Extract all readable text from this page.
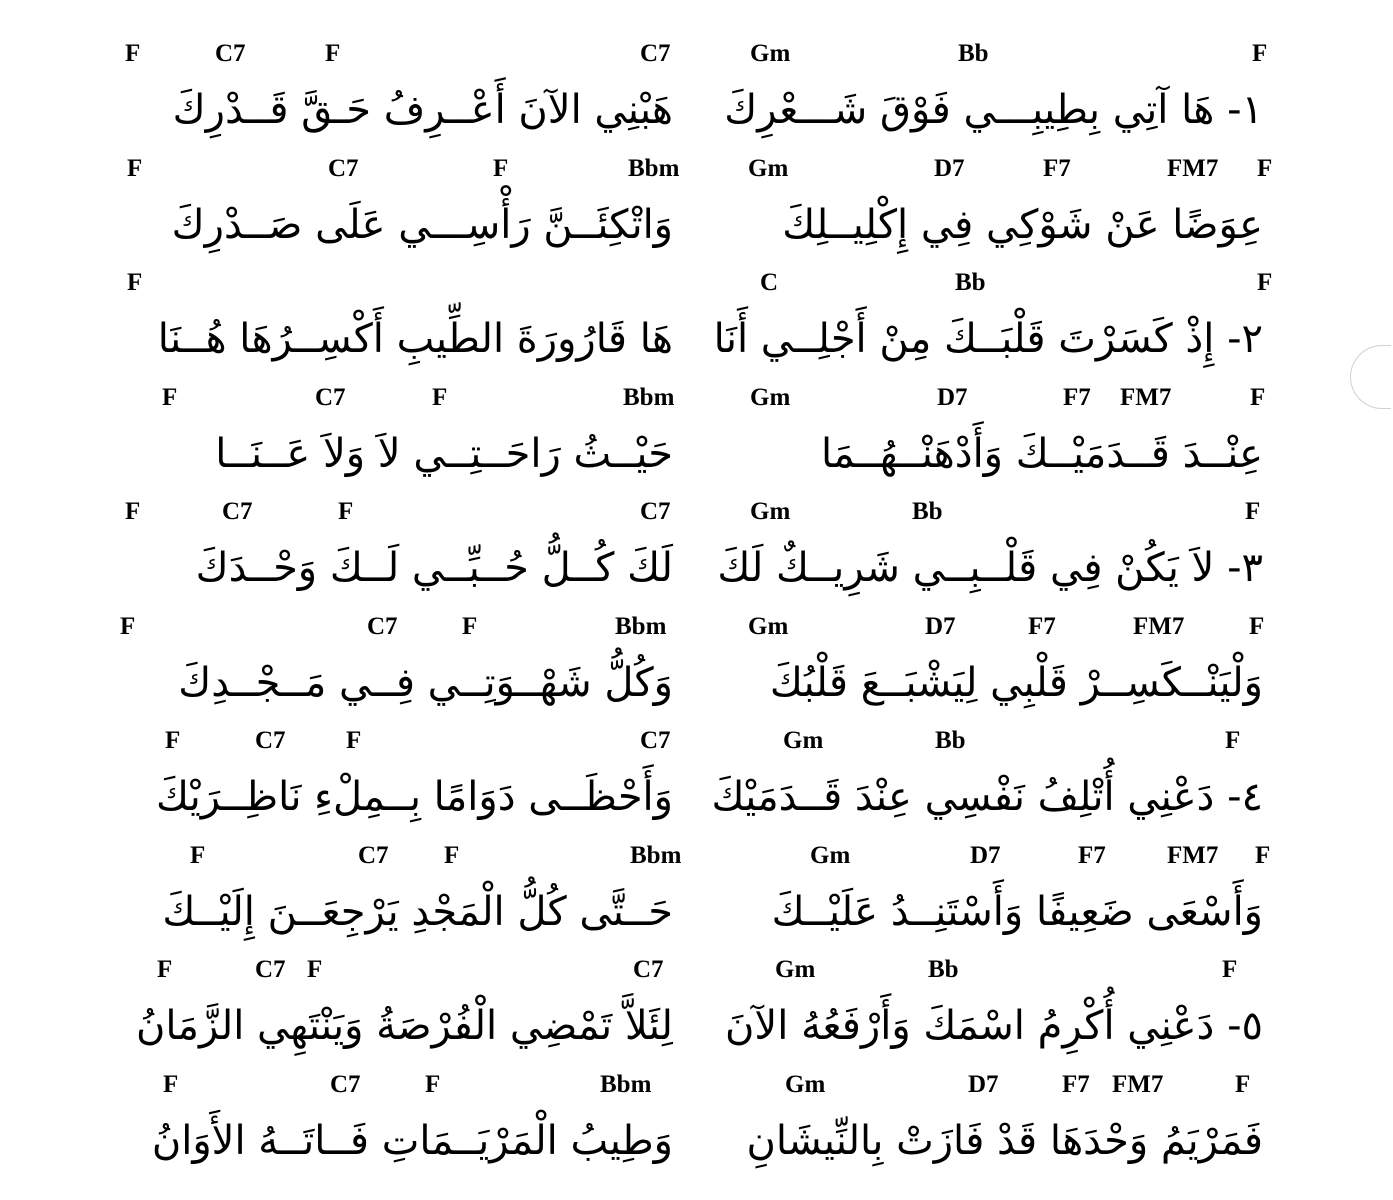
F	C7	F	C7	Gm	Bb	F
١- هَا آتِي بِطِيبِـــي فَوْقَ شَـــعْرِكَ
هَبْنِي الآنَ أَعْــرِفُ حَـقَّ قَــدْرِكَ
F	C7	F	Bbm	Gm	D7	F7	FM7 F
عِوَضًا عَنْ شَوْكِي فِي إِكْلِيــلِكَ
وَاتْكِئَــنَّ رَأْسِـــي عَلَى صَــدْرِكَ
F	C	Bb	F
٢- إِذْ كَسَرْتَ قَلْبَــكَ مِنْ أَجْلِــي أَنَا
هَا قَارُورَةَ الطِّيبِ أَكْسِــرُهَا هُــنَا
F	C7	F	Bbm	Gm	D7	F7 FM7	F
عِنْــدَ قَــدَمَيْــكَ وَأَدْهَنْــهُــمَا
حَيْــثُ رَاحَــتِــي لاَ وَلاَ عَــنَــا
F	C7	F	C7	Gm	Bb	F
٣- لاَ يَكُنْ فِي قَلْــبِــي شَرِيــكٌ لَكَ
لَكَ كُــلُّ حُــبِّــي لَــكَ وَحْــدَكَ
F	C7	F	Bbm	Gm	D7	F7	FM7	F
وَلْيَنْــكَسِــرْ قَلْبِي لِيَشْبَــعَ قَلْبُكَ
وَكُلُّ شَهْــوَتِــي فِــي مَــجْــدِكَ
F	C7 F	C7	Gm	Bb	F
٤- دَعْنِي أُتْلِفُ نَفْسِي عِنْدَ قَــدَمَيْكَ
وَأَحْظَــى دَوَامًا بِــمِلْءِ نَاظِــرَيْكَ
F	C7 F	Bbm	Gm	D7	F7 FM7 F
وَأَسْعَى ضَعِيفًا وَأَسْتَنِــدُ عَلَيْــكَ
حَــتَّى كُلُّ الْمَجْدِ يَرْجِعَــنَ إِلَيْــكَ
F	C7 F	C7	Gm	Bb	F
٥- دَعْنِي أُكْرِمُ اسْمَكَ وَأَرْفَعُهُ الآنَ
لِئَلاَّ تَمْضِي الْفُرْصَةُ وَيَنْتَهِي الزَّمَانُ
F	C7	F	Bbm	Gm	D7	F7 FM7	F
فَمَرْيَمُ وَحْدَهَا قَدْ فَازَتْ بِالنِّيشَانِ
وَطِيبُ الْمَرْيَــمَاتِ فَــاتَــهُ الأَوَانُ
